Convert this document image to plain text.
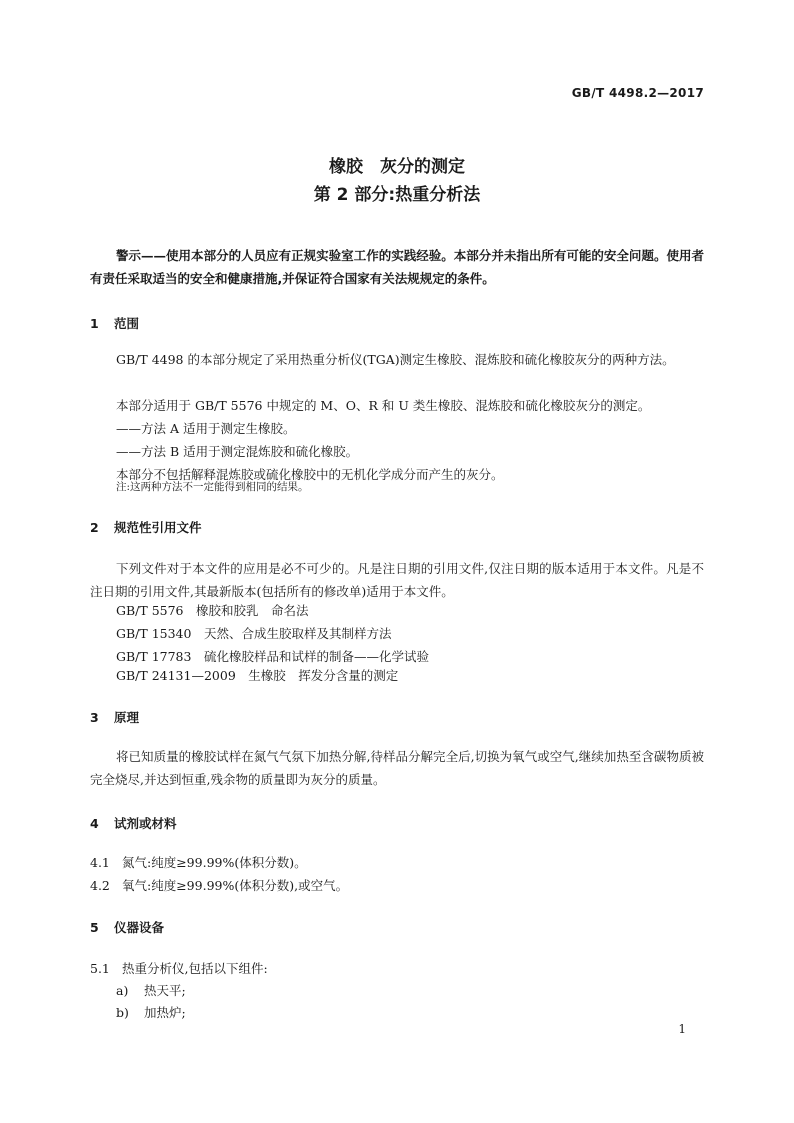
GB/T 4498.2—2017
橡胶　灰分的测定
第 2 部分:热重分析法

警示——使用本部分的人员应有正规实验室工作的实践经验。本部分并未指出所有可能的安全问题。使用者有责任采取适当的安全和健康措施,并保证符合国家有关法规规定的条件。

1 范围

GB/T 4498 的本部分规定了采用热重分析仪(TGA)测定生橡胶、混炼胶和硫化橡胶灰分的两种方法。

本部分适用于 GB/T 5576 中规定的 M、O、R 和 U 类生橡胶、混炼胶和硫化橡胶灰分的测定。
——方法 A 适用于测定生橡胶。
——方法 B 适用于测定混炼胶和硫化橡胶。
本部分不包括解释混炼胶或硫化橡胶中的无机化学成分而产生的灰分。
注:这两种方法不一定能得到相同的结果。
2 规范性引用文件

下列文件对于本文件的应用是必不可少的。凡是注日期的引用文件,仅注日期的版本适用于本文件。凡是不注日期的引用文件,其最新版本(包括所有的修改单)适用于本文件。

GB/T 5576　 橡胶和胶乳　命名法
GB/T 15340　 天然、合成生胶取样及其制样方法
GB/T 17783　 硫化橡胶样品和试样的制备——化学试验
GB/T 24131—2009　 生橡胶　挥发分含量的测定
3 原理

将已知质量的橡胶试样在氮气气氛下加热分解,待样品分解完全后,切换为氧气或空气,继续加热至含碳物质被完全烧尽,并达到恒重,残余物的质量即为灰分的质量。

4 试剂或材料
4.1 氮气:纯度≥99.99%(体积分数)。
4.2 氧气:纯度≥99.99%(体积分数),或空气。
5 仪器设备
5.1 热重分析仪,包括以下组件:
a) 热天平;
b) 加热炉;
1
